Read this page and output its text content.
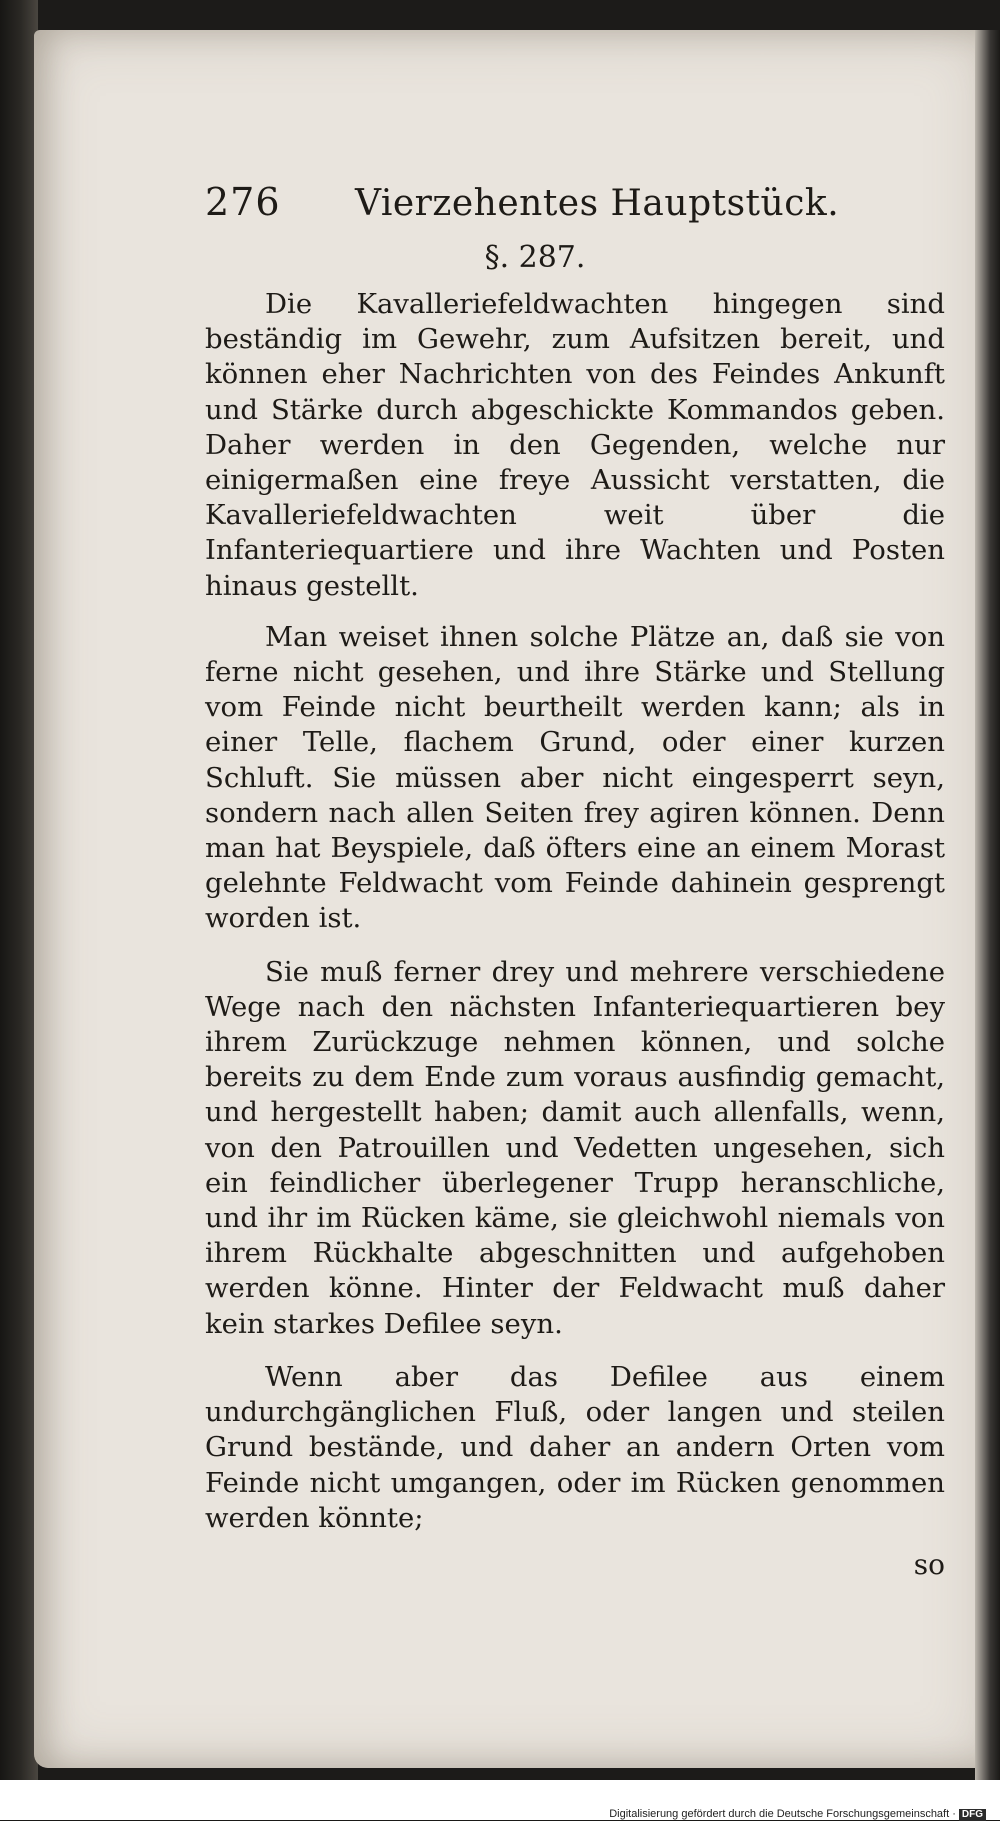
276	Vierzehentes Hauptstück.
§. 287.

Die Kavalleriefeldwachten hingegen sind beständig im Gewehr, zum Aufsitzen bereit, und können eher Nachrichten von des Feindes Ankunft und Stärke durch abgeschickte Kommandos geben. Daher werden in den Gegenden, welche nur einigermaßen eine freye Aussicht verstatten, die Kavalleriefeldwachten weit über die Infanteriequartiere und ihre Wachten und Posten hinaus gestellt.

Man weiset ihnen solche Plätze an, daß sie von ferne nicht gesehen, und ihre Stärke und Stellung vom Feinde nicht beurtheilt werden kann; als in einer Telle, flachem Grund, oder einer kurzen Schluft. Sie müssen aber nicht eingesperrt seyn, sondern nach allen Seiten frey agiren können. Denn man hat Beyspiele, daß öfters eine an einem Morast gelehnte Feldwacht vom Feinde dahinein gesprengt worden ist.

Sie muß ferner drey und mehrere verschiedene Wege nach den nächsten Infanteriequartieren bey ihrem Zurückzuge nehmen können, und solche bereits zu dem Ende zum voraus ausfindig gemacht, und hergestellt haben; damit auch allenfalls, wenn, von den Patrouillen und Vedetten ungesehen, sich ein feindlicher überlegener Trupp heranschliche, und ihr im Rücken käme, sie gleichwohl niemals von ihrem Rückhalte abgeschnitten und aufgehoben werden könne. Hinter der Feldwacht muß daher kein starkes Defilee seyn.

Wenn aber das Defilee aus einem undurchgänglichen Fluß, oder langen und steilen Grund bestände, und daher an andern Orten vom Feinde nicht umgangen, oder im Rücken genommen werden könnte;

so
Digitalisierung gefördert durch die Deutsche Forschungsgemeinschaft · DFG
